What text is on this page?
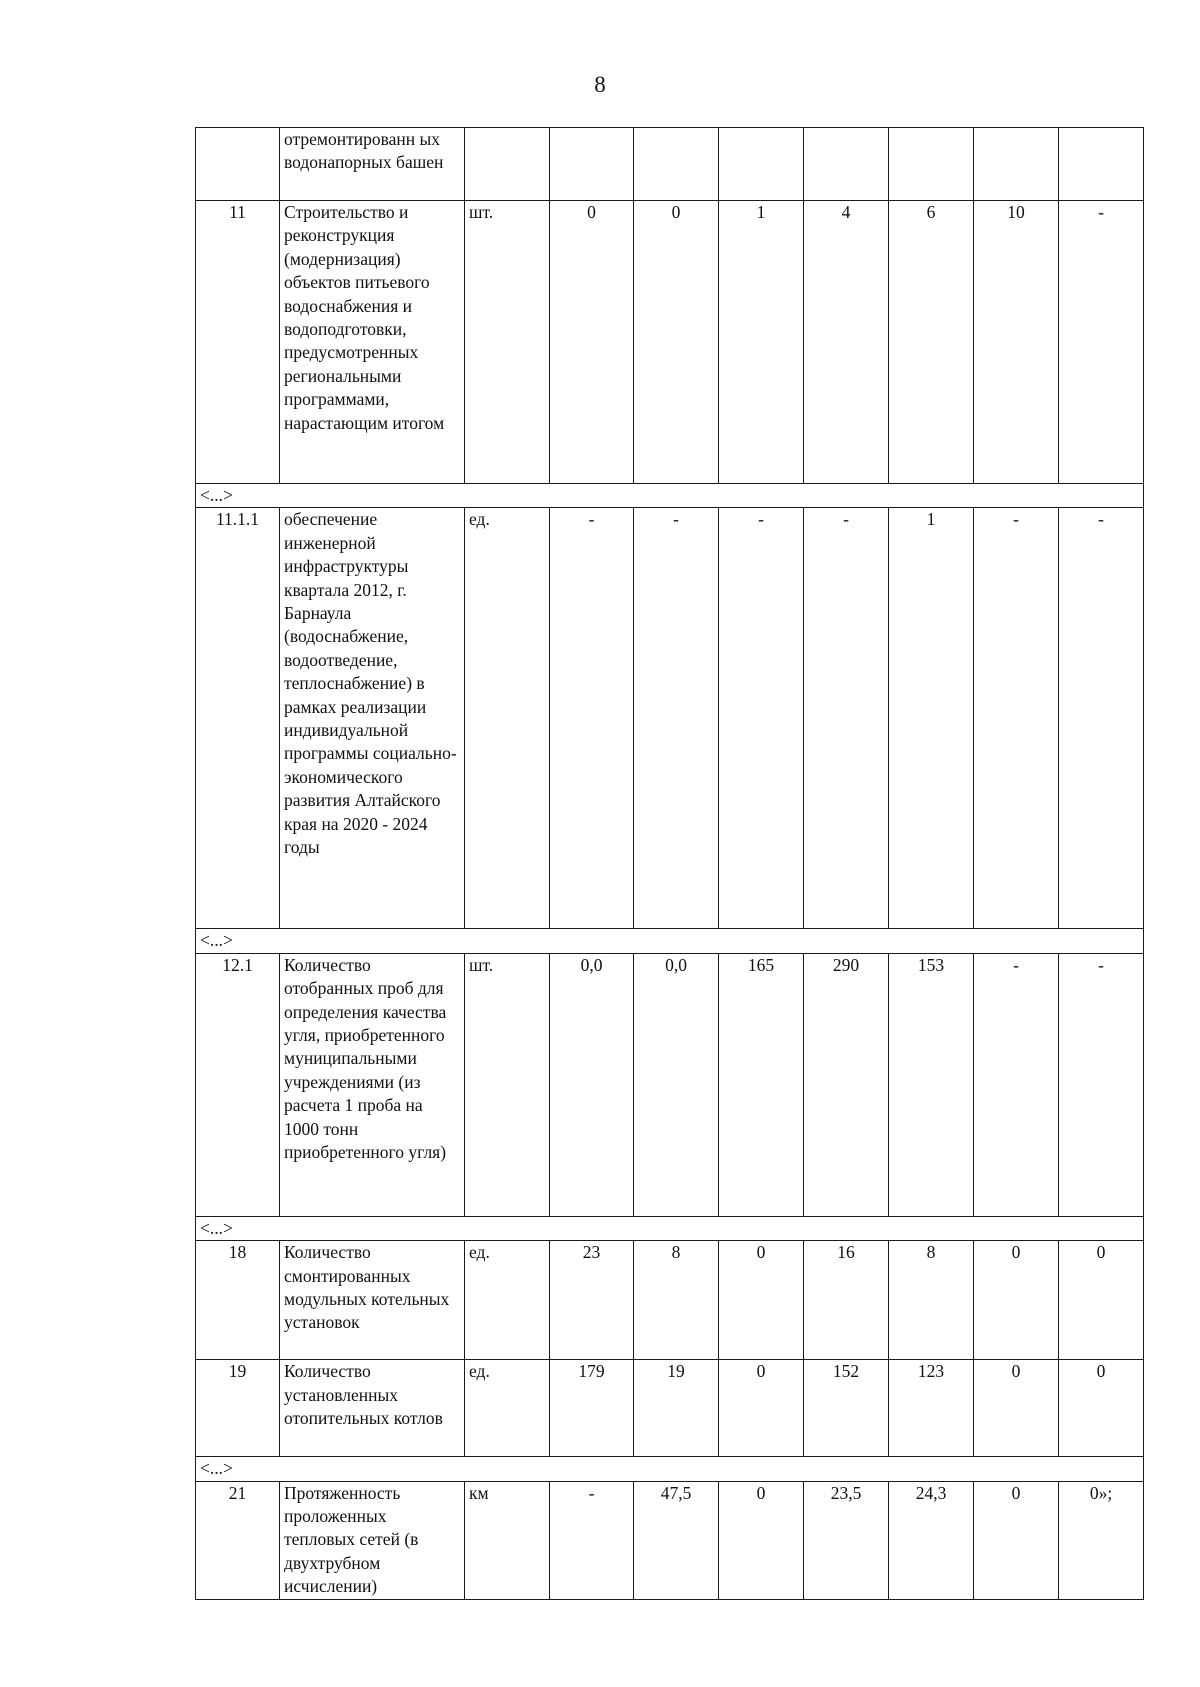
8
	отремонтированн ых водонапорных башен								
11	Строительство и реконструкция (модернизация) объектов питьевого водоснабжения и водоподготовки, предусмотренных региональными программами, нарастающим итогом	шт.	0	0	1	4	6	10	-
<...>									
11.1.1	обеспечение инженерной инфраструктуры квартала 2012, г. Барнаула (водоснабжение, водоотведение, теплоснабжение) в рамках реализации индивидуальной программы социально-экономического развития Алтайского края на 2020 - 2024 годы	ед.	-	-	-	-	1	-	-
<...>									
12.1	Количество отобранных проб для определения качества угля, приобретенного муниципальными учреждениями (из расчета 1 проба на 1000 тонн приобретенного угля)	шт.	0,0	0,0	165	290	153	-	-
<...>									
18	Количество смонтированных модульных котельных установок	ед.	23	8	0	16	8	0	0
19	Количество установленных отопительных котлов	ед.	179	19	0	152	123	0	0
<...>									
21	Протяженность проложенных тепловых сетей (в двухтрубном исчислении)	км	-	47,5	0	23,5	24,3	0	0»;
